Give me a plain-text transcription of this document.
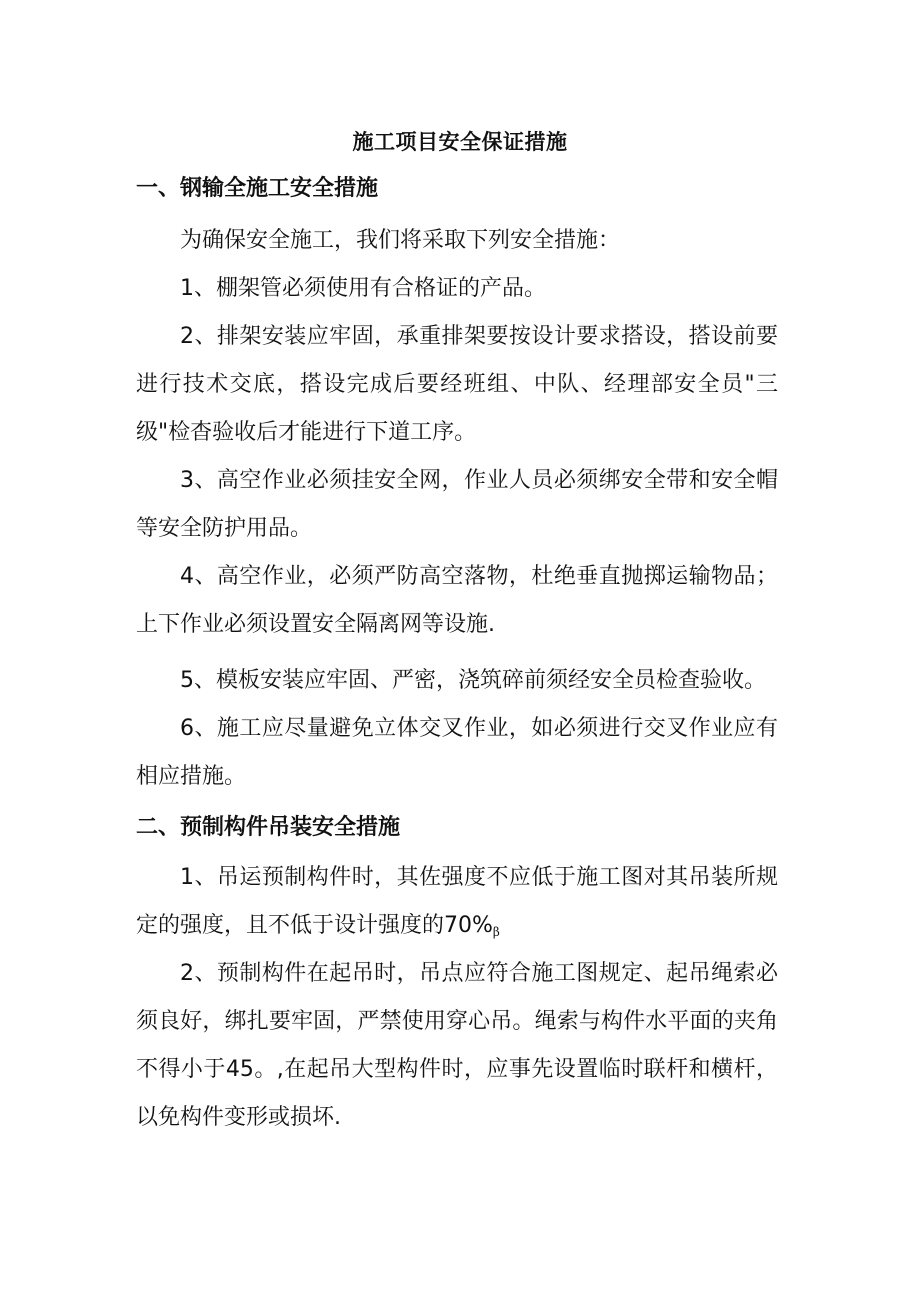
施工项目安全保证措施
一、钢输全施工安全措施
为确保安全施工，我们将采取下列安全措施：
1、棚架管必须使用有合格证的产品。
2、排架安装应牢固，承重排架要按设计要求搭设，搭设前要进行技术交底，搭设完成后要经班组、中队、经理部安全员"三级"检杳验收后才能进行下道工序。
3、高空作业必须挂安全网，作业人员必须绑安全带和安全帽等安全防护用品。
4、高空作业，必须严防高空落物，杜绝垂直抛掷运输物品；上下作业必须设置安全隔离网等设施.
5、模板安装应牢固、严密，浇筑碎前须经安全员检查验收。
6、施工应尽量避免立体交叉作业，如必须进行交叉作业应有相应措施。
二、预制构件吊装安全措施
1、吊运预制构件时，其佐强度不应低于施工图对其吊装所规定的强度，且不低于设计强度的70%β
2、预制构件在起吊时，吊点应符合施工图规定、起吊绳索必须良好，绑扎要牢固，严禁使用穿心吊。绳索与构件水平面的夹角不得小于45。,在起吊大型构件时，应事先设置临时联杆和横杆，以免构件变形或损坏.
